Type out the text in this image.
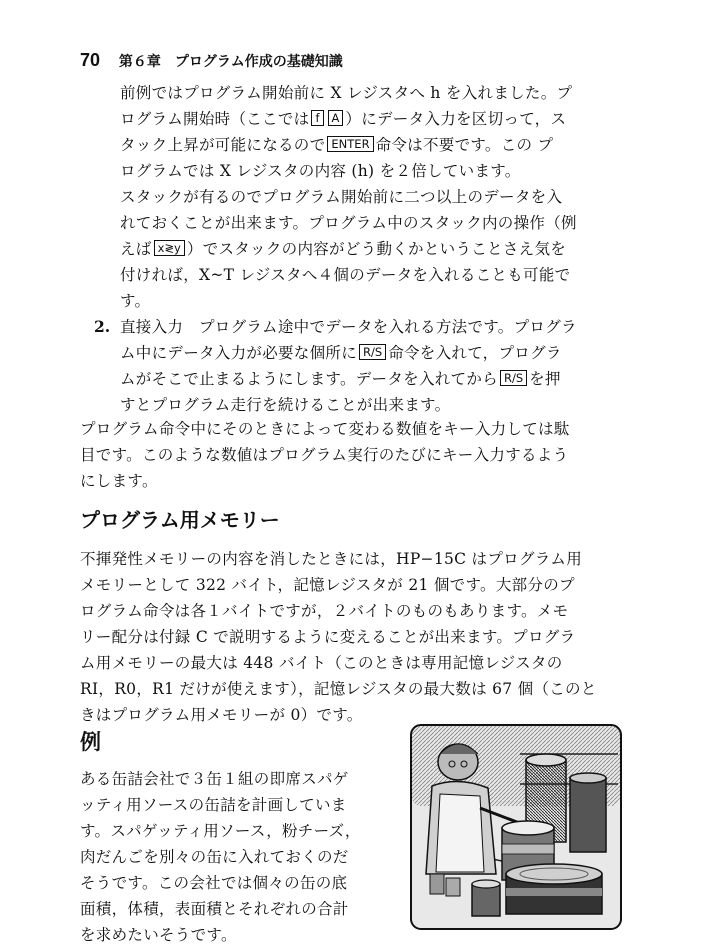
70 第６章　プログラム作成の基礎知識
前例ではプログラム開始前に X レジスタへ h を入れました。プ
ログラム開始時（ここでは f A ）にデータ入力を区切って，ス
タック上昇が可能になるので ENTER 命令は不要です。この プ
ログラムでは X レジスタの内容 (h) を２倍しています。
スタックが有るのでプログラム開始前に二つ以上のデータを入
れておくことが出来ます。プログラム中のスタック内の操作（例
えば x≷y ）でスタックの内容がどう動くかということさえ気を
付ければ，X~T レジスタへ４個のデータを入れることも可能で
す。
2. 直接入力　プログラム途中でデータを入れる方法です。プログラ
ム中にデータ入力が必要な個所に R/S 命令を入れて，プログラ
ムがそこで止まるようにします。データを入れてから R/S を押
すとプログラム走行を続けることが出来ます。
プログラム命令中にそのときによって変わる数値をキー入力しては駄
目です。このような数値はプログラム実行のたびにキー入力するよう
にします。
プログラム用メモリー
不揮発性メモリーの内容を消したときには，HP−15C はプログラム用
メモリーとして 322 バイト，記憶レジスタが 21 個です。大部分のプ
ログラム命令は各１バイトですが，２バイトのものもあります。メモ
リー配分は付録 C で説明するように変えることが出来ます。プログラ
ム用メモリーの最大は 448 バイト（このときは専用記憶レジスタの
RI，R0，R1 だけが使えます），記憶レジスタの最大数は 67 個（このと
きはプログラム用メモリーが 0）です。
例
ある缶詰会社で３缶１組の即席スパゲ
ッティ用ソースの缶詰を計画していま
す。スパゲッティ用ソース，粉チーズ，
肉だんごを別々の缶に入れておくのだ
そうです。この会社では個々の缶の底
面積，体積，表面積とそれぞれの合計
を求めたいそうです。
